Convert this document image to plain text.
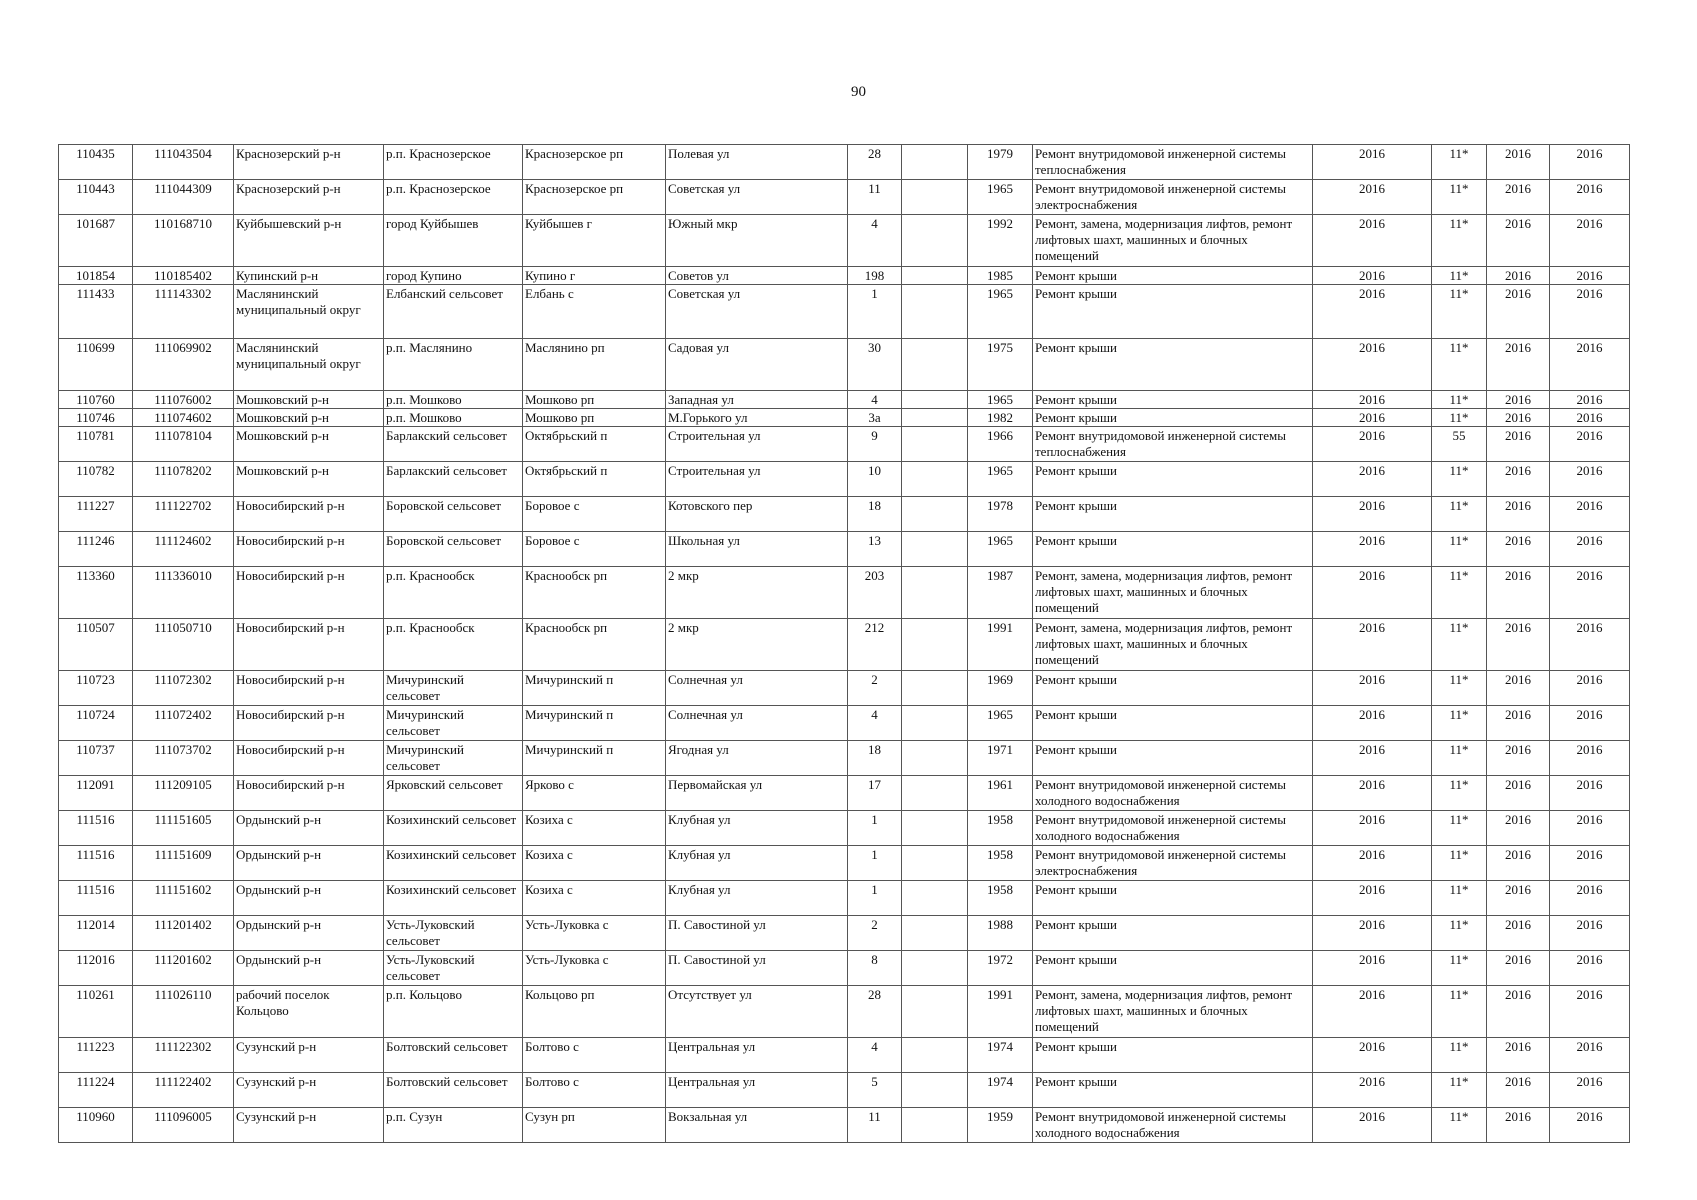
90
110435	111043504	Краснозерский р-н	р.п. Краснозерское	Краснозерское рп	Полевая ул	28		1979	Ремонт внутридомовой инженерной системы теплоснабжения	2016	11*	2016	2016
110443	111044309	Краснозерский р-н	р.п. Краснозерское	Краснозерское рп	Советская ул	11		1965	Ремонт внутридомовой инженерной системы электроснабжения	2016	11*	2016	2016
101687	110168710	Куйбышевский р-н	город Куйбышев	Куйбышев г	Южный мкр	4		1992	Ремонт, замена, модернизация лифтов, ремонт лифтовых шахт, машинных и блочных помещений	2016	11*	2016	2016
101854	110185402	Купинский р-н	город Купино	Купино г	Советов ул	198		1985	Ремонт крыши	2016	11*	2016	2016
111433	111143302	Маслянинский муниципальный округ	Елбанский сельсовет	Елбань с	Советская ул	1		1965	Ремонт крыши	2016	11*	2016	2016
110699	111069902	Маслянинский муниципальный округ	р.п. Маслянино	Маслянино рп	Садовая ул	30		1975	Ремонт крыши	2016	11*	2016	2016
110760	111076002	Мошковский р-н	р.п. Мошково	Мошково рп	Западная ул	4		1965	Ремонт крыши	2016	11*	2016	2016
110746	111074602	Мошковский р-н	р.п. Мошково	Мошково рп	М.Горького ул	3а		1982	Ремонт крыши	2016	11*	2016	2016
110781	111078104	Мошковский р-н	Барлакский сельсовет	Октябрьский п	Строительная ул	9		1966	Ремонт внутридомовой инженерной системы теплоснабжения	2016	55	2016	2016
110782	111078202	Мошковский р-н	Барлакский сельсовет	Октябрьский п	Строительная ул	10		1965	Ремонт крыши	2016	11*	2016	2016
111227	111122702	Новосибирский р-н	Боровской сельсовет	Боровое с	Котовского пер	18		1978	Ремонт крыши	2016	11*	2016	2016
111246	111124602	Новосибирский р-н	Боровской сельсовет	Боровое с	Школьная ул	13		1965	Ремонт крыши	2016	11*	2016	2016
113360	111336010	Новосибирский р-н	р.п. Краснообск	Краснообск рп	2 мкр	203		1987	Ремонт, замена, модернизация лифтов, ремонт лифтовых шахт, машинных и блочных помещений	2016	11*	2016	2016
110507	111050710	Новосибирский р-н	р.п. Краснообск	Краснообск рп	2 мкр	212		1991	Ремонт, замена, модернизация лифтов, ремонт лифтовых шахт, машинных и блочных помещений	2016	11*	2016	2016
110723	111072302	Новосибирский р-н	Мичуринский сельсовет	Мичуринский п	Солнечная ул	2		1969	Ремонт крыши	2016	11*	2016	2016
110724	111072402	Новосибирский р-н	Мичуринский сельсовет	Мичуринский п	Солнечная ул	4		1965	Ремонт крыши	2016	11*	2016	2016
110737	111073702	Новосибирский р-н	Мичуринский сельсовет	Мичуринский п	Ягодная ул	18		1971	Ремонт крыши	2016	11*	2016	2016
112091	111209105	Новосибирский р-н	Ярковский сельсовет	Ярково с	Первомайская ул	17		1961	Ремонт внутридомовой инженерной системы холодного водоснабжения	2016	11*	2016	2016
111516	111151605	Ордынский р-н	Козихинский сельсовет	Козиха с	Клубная ул	1		1958	Ремонт внутридомовой инженерной системы холодного водоснабжения	2016	11*	2016	2016
111516	111151609	Ордынский р-н	Козихинский сельсовет	Козиха с	Клубная ул	1		1958	Ремонт внутридомовой инженерной системы электроснабжения	2016	11*	2016	2016
111516	111151602	Ордынский р-н	Козихинский сельсовет	Козиха с	Клубная ул	1		1958	Ремонт крыши	2016	11*	2016	2016
112014	111201402	Ордынский р-н	Усть-Луковский сельсовет	Усть-Луковка с	П. Савостиной ул	2		1988	Ремонт крыши	2016	11*	2016	2016
112016	111201602	Ордынский р-н	Усть-Луковский сельсовет	Усть-Луковка с	П. Савостиной ул	8		1972	Ремонт крыши	2016	11*	2016	2016
110261	111026110	рабочий поселок Кольцово	р.п. Кольцово	Кольцово рп	Отсутствует ул	28		1991	Ремонт, замена, модернизация лифтов, ремонт лифтовых шахт, машинных и блочных помещений	2016	11*	2016	2016
111223	111122302	Сузунский р-н	Болтовский сельсовет	Болтово с	Центральная ул	4		1974	Ремонт крыши	2016	11*	2016	2016
111224	111122402	Сузунский р-н	Болтовский сельсовет	Болтово с	Центральная ул	5		1974	Ремонт крыши	2016	11*	2016	2016
110960	111096005	Сузунский р-н	р.п. Сузун	Сузун рп	Вокзальная ул	11		1959	Ремонт внутридомовой инженерной системы холодного водоснабжения	2016	11*	2016	2016
